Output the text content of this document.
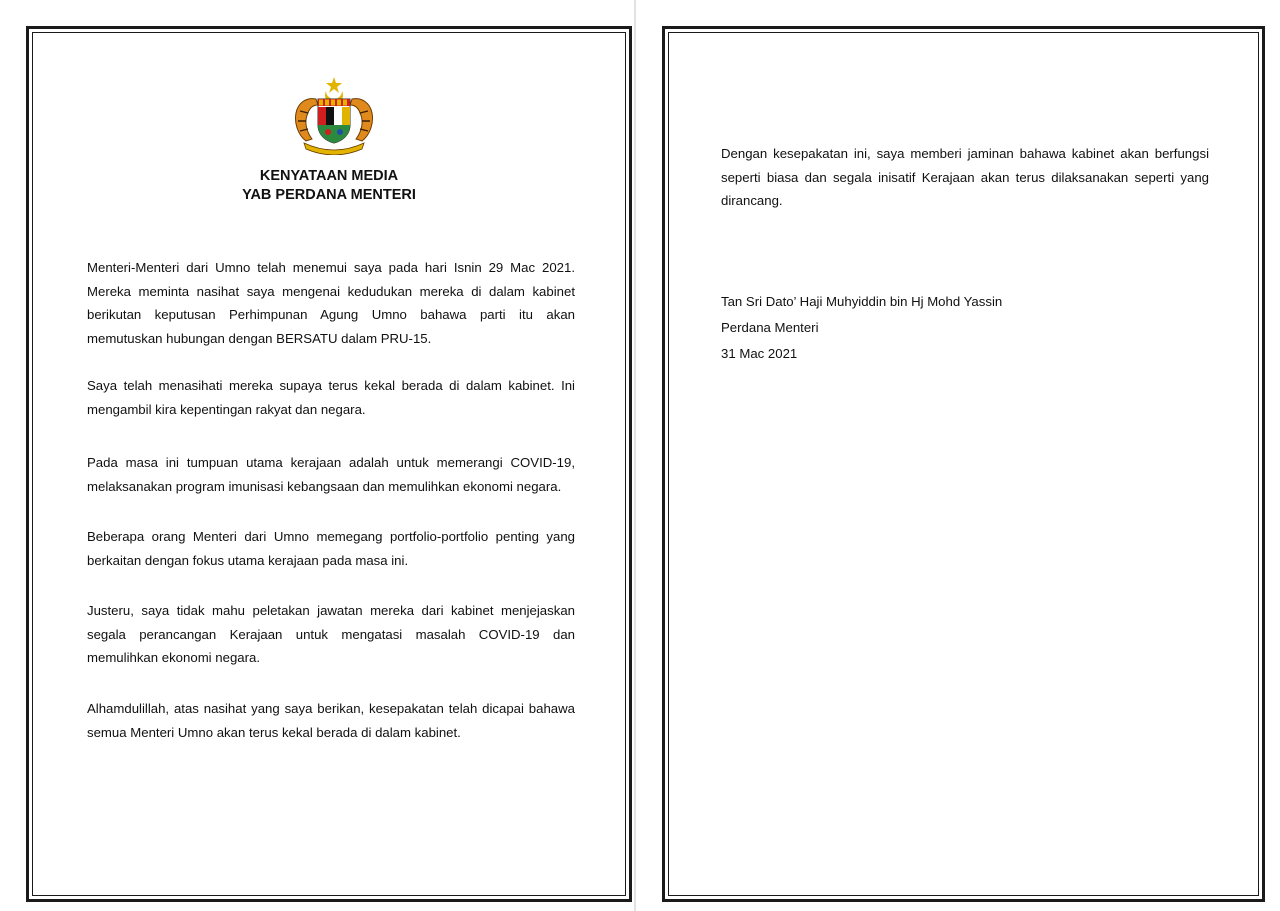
KENYATAAN MEDIA
YAB PERDANA MENTERI

Menteri-Menteri dari Umno telah menemui saya pada hari Isnin 29 Mac 2021. Mereka meminta nasihat saya mengenai kedudukan mereka di dalam kabinet berikutan keputusan Perhimpunan Agung Umno bahawa parti itu akan memutuskan hubungan dengan BERSATU dalam PRU-15.

Saya telah menasihati mereka supaya terus kekal berada di dalam kabinet. Ini mengambil kira kepentingan rakyat dan negara.

Pada masa ini tumpuan utama kerajaan adalah untuk memerangi COVID-19, melaksanakan program imunisasi kebangsaan dan memulihkan ekonomi negara.

Beberapa orang Menteri dari Umno memegang portfolio-portfolio penting yang berkaitan dengan fokus utama kerajaan pada masa ini.

Justeru, saya tidak mahu peletakan jawatan mereka dari kabinet menjejaskan segala perancangan Kerajaan untuk mengatasi masalah COVID-19 dan memulihkan ekonomi negara.

Alhamdulillah, atas nasihat yang saya berikan, kesepakatan telah dicapai bahawa semua Menteri Umno akan terus kekal berada di dalam kabinet.

Dengan kesepakatan ini, saya memberi jaminan bahawa kabinet akan berfungsi seperti biasa dan segala inisatif Kerajaan akan terus dilaksanakan seperti yang dirancang.

Tan Sri Dato’ Haji Muhyiddin bin Hj Mohd Yassin
Perdana Menteri
31 Mac 2021
